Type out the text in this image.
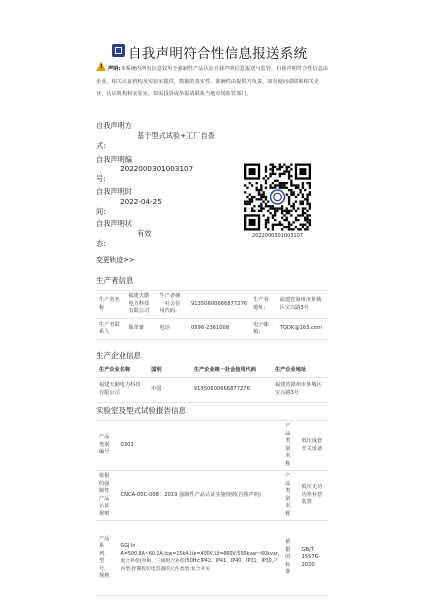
自我声明符合性信息报送系统
! 声明:本系统内所有信息仅用于强制性产品认证自我声明信息报送与监管。自我声明符合性信息由企业、相关认证机构及实验室提供，数据的真实性、准确性由提供方负责。如有疑问请联系相关企业、认证机构和实验室，如需投诉或举报请联系当地市场监管部门。
自我声明方
式:
基于型式试验+工厂自查
自我声明编
号:
2022000301003107
自我声明时
间:
2022-04-25
自我声明状
态:
有效	2022000301003107
变更轨迹>>
生产者信息
生产者名称	福建天勤电力科技有限公司	生产者统一社会信用代码:	91350600666877276	生产者地址:	福建省漳州市芗城区宝兴路3号
生产者联系人	陈孝雄	电话	0596-2361008	电子邮箱:	TQDK@163.com
生产企业信息
生产企业名称	国别	生产企业统一社会信用代码	生产企业地址
福建天勤电力科技有限公司	中国	91350600666877276	福建省漳州市芗城区宝兴路3号
实验室及型式试验报告信息
产品类别编号	0301	产品类别名称	低压成套开关设备
依据的强制性产品认证规则	CNCA-00C-008：2019 强制性产品认证实施规则(自我声明)	产品类别名称	低压无功功率补偿装置
产品系列、型号、规格	GGJ In A=500.8A~60.1A,Icw=15kA,Ue=400V,Ui=660V;500kvar~60kvar,混合补偿(单相、三相组合补偿)50Hz;IP42、IP41、IP40、IP31、IP30,产内型,控制投切电容器的元件类型:复合开关	依据的标准	GB/T 15576-2020
